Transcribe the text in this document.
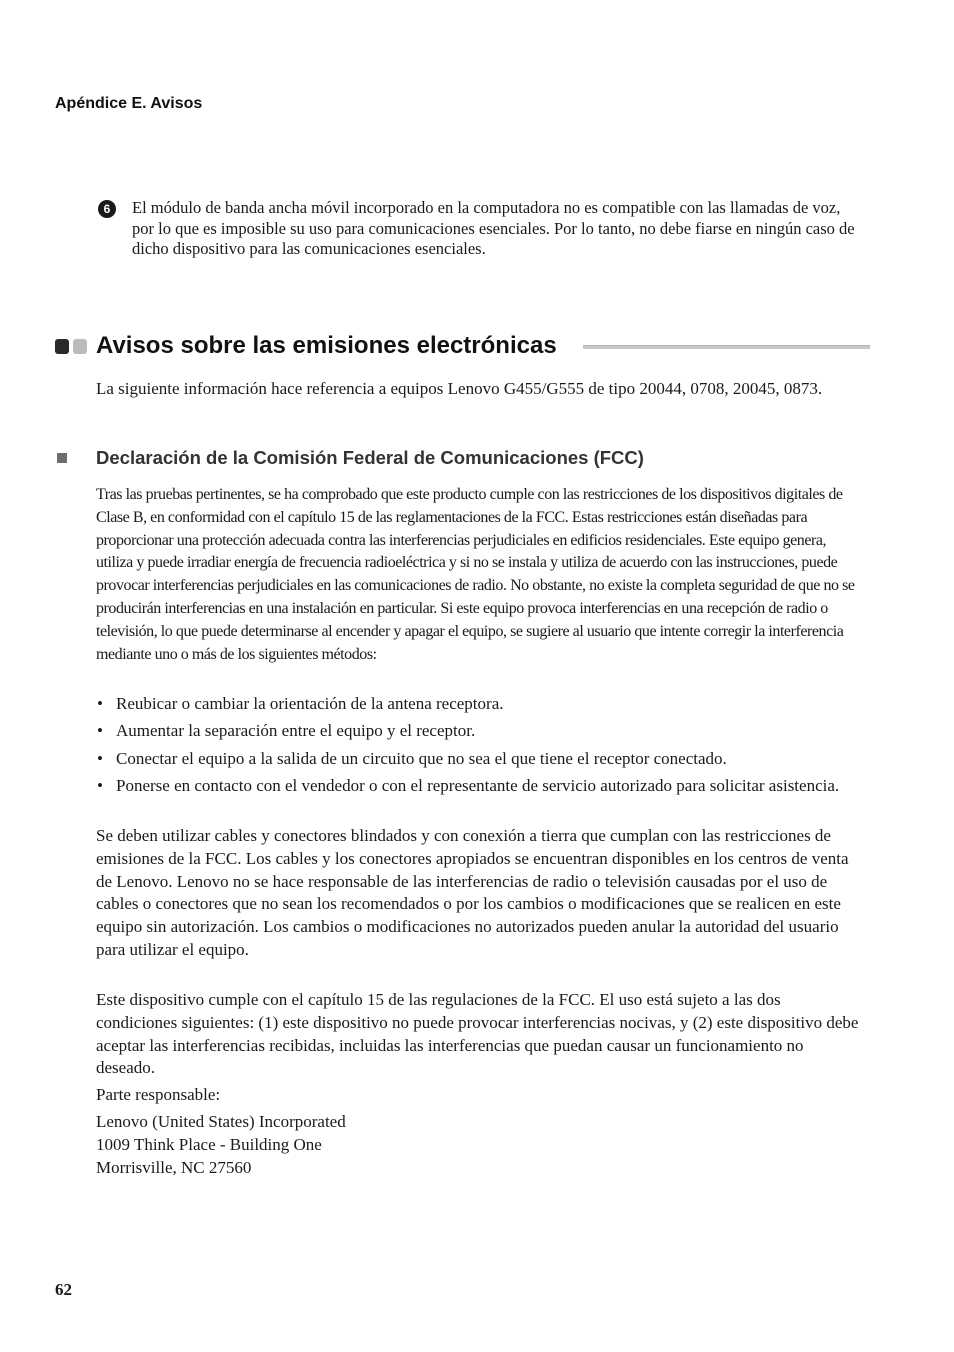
Apéndice E. Avisos
6	El módulo de banda ancha móvil incorporado en la computadora no es compatible con las llamadas de voz, por lo que es imposible su uso para comunicaciones esenciales. Por lo tanto, no debe fiarse en ningún caso de dicho dispositivo para las comunicaciones esenciales.
Avisos sobre las emisiones electrónicas
La siguiente información hace referencia a equipos Lenovo G455/G555 de tipo 20044, 0708, 20045, 0873.
Declaración de la Comisión Federal de Comunicaciones (FCC)
Tras las pruebas pertinentes, se ha comprobado que este producto cumple con las restricciones de los dispositivos digitales de Clase B, en conformidad con el capítulo 15 de las reglamentaciones de la FCC. Estas restricciones están diseñadas para proporcionar una protección adecuada contra las interferencias perjudiciales en edificios residenciales. Este equipo genera, utiliza y puede irradiar energía de frecuencia radioeléctrica y si no se instala y utiliza de acuerdo con las instrucciones, puede provocar interferencias perjudiciales en las comunicaciones de radio. No obstante, no existe la completa seguridad de que no se producirán interferencias en una instalación en particular. Si este equipo provoca interferencias en una recepción de radio o televisión, lo que puede determinarse al encender y apagar el equipo, se sugiere al usuario que intente corregir la interferencia mediante uno o más de los siguientes métodos:
• Reubicar o cambiar la orientación de la antena receptora.
• Aumentar la separación entre el equipo y el receptor.
• Conectar el equipo a la salida de un circuito que no sea el que tiene el receptor conectado.
• Ponerse en contacto con el vendedor o con el representante de servicio autorizado para solicitar asistencia.
Se deben utilizar cables y conectores blindados y con conexión a tierra que cumplan con las restricciones de emisiones de la FCC. Los cables y los conectores apropiados se encuentran disponibles en los centros de venta de Lenovo. Lenovo no se hace responsable de las interferencias de radio o televisión causadas por el uso de cables o conectores que no sean los recomendados o por los cambios o modificaciones que se realicen en este equipo sin autorización. Los cambios o modificaciones no autorizados pueden anular la autoridad del usuario para utilizar el equipo.
Este dispositivo cumple con el capítulo 15 de las regulaciones de la FCC. El uso está sujeto a las dos condiciones siguientes: (1) este dispositivo no puede provocar interferencias nocivas, y (2) este dispositivo debe aceptar las interferencias recibidas, incluidas las interferencias que puedan causar un funcionamiento no deseado.
Parte responsable:
Lenovo (United States) Incorporated
1009 Think Place - Building One
Morrisville, NC 27560
62
